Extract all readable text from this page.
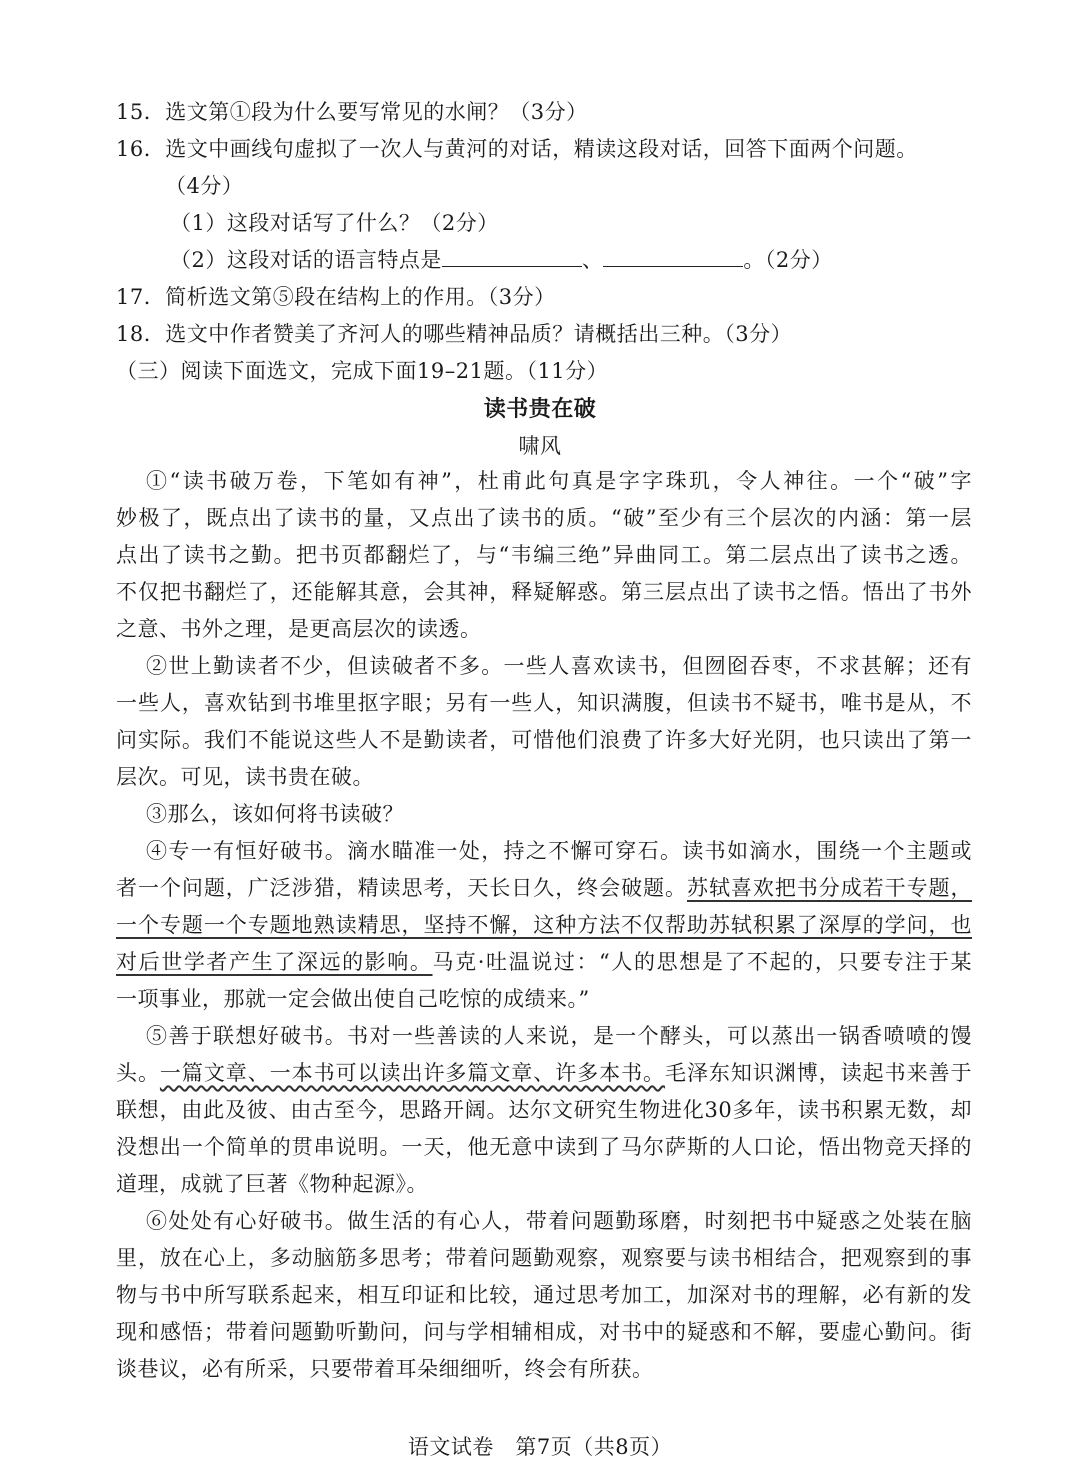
15．选文第①段为什么要写常见的水闸？（3分）
16．选文中画线句虚拟了一次人与黄河的对话，精读这段对话，回答下面两个问题。
（4分）
（1）这段对话写了什么？（2分）
（2）这段对话的语言特点是	、	。（2分）
17．简析选文第⑤段在结构上的作用。（3分）
18．选文中作者赞美了齐河人的哪些精神品质？请概括出三种。（3分）
（三）阅读下面选文，完成下面19–21题。（11分）
读书贵在破
啸风
①“读书破万卷，下笔如有神”，杜甫此句真是字字珠玑，令人神往。一个“破”字
妙极了，既点出了读书的量，又点出了读书的质。“破”至少有三个层次的内涵：第一层
点出了读书之勤。把书页都翻烂了，与“韦编三绝”异曲同工。第二层点出了读书之透。
不仅把书翻烂了，还能解其意，会其神，释疑解惑。第三层点出了读书之悟。悟出了书外
之意、书外之理，是更高层次的读透。
②世上勤读者不少，但读破者不多。一些人喜欢读书，但囫囵吞枣，不求甚解；还有
一些人，喜欢钻到书堆里抠字眼；另有一些人，知识满腹，但读书不疑书，唯书是从，不
问实际。我们不能说这些人不是勤读者，可惜他们浪费了许多大好光阴，也只读出了第一
层次。可见，读书贵在破。
③那么，该如何将书读破？
④专一有恒好破书。滴水瞄准一处，持之不懈可穿石。读书如滴水，围绕一个主题或
者一个问题，广泛涉猎，精读思考，天长日久，终会破题。苏轼喜欢把书分成若干专题，
一个专题一个专题地熟读精思，坚持不懈，这种方法不仅帮助苏轼积累了深厚的学问，也
对后世学者产生了深远的影响。马克·吐温说过：“人的思想是了不起的，只要专注于某
一项事业，那就一定会做出使自己吃惊的成绩来。”
⑤善于联想好破书。书对一些善读的人来说，是一个酵头，可以蒸出一锅香喷喷的馒
头。一篇文章、一本书可以读出许多篇文章、许多本书。毛泽东知识渊博，读起书来善于
联想，由此及彼、由古至今，思路开阔。达尔文研究生物进化30多年，读书积累无数，却
没想出一个简单的贯串说明。一天，他无意中读到了马尔萨斯的人口论，悟出物竞天择的
道理，成就了巨著《物种起源》。
⑥处处有心好破书。做生活的有心人，带着问题勤琢磨，时刻把书中疑惑之处装在脑
里，放在心上，多动脑筋多思考；带着问题勤观察，观察要与读书相结合，把观察到的事
物与书中所写联系起来，相互印证和比较，通过思考加工，加深对书的理解，必有新的发
现和感悟；带着问题勤听勤问，问与学相辅相成，对书中的疑惑和不解，要虚心勤问。街
谈巷议，必有所采，只要带着耳朵细细听，终会有所获。
语文试卷　第7页（共8页）
